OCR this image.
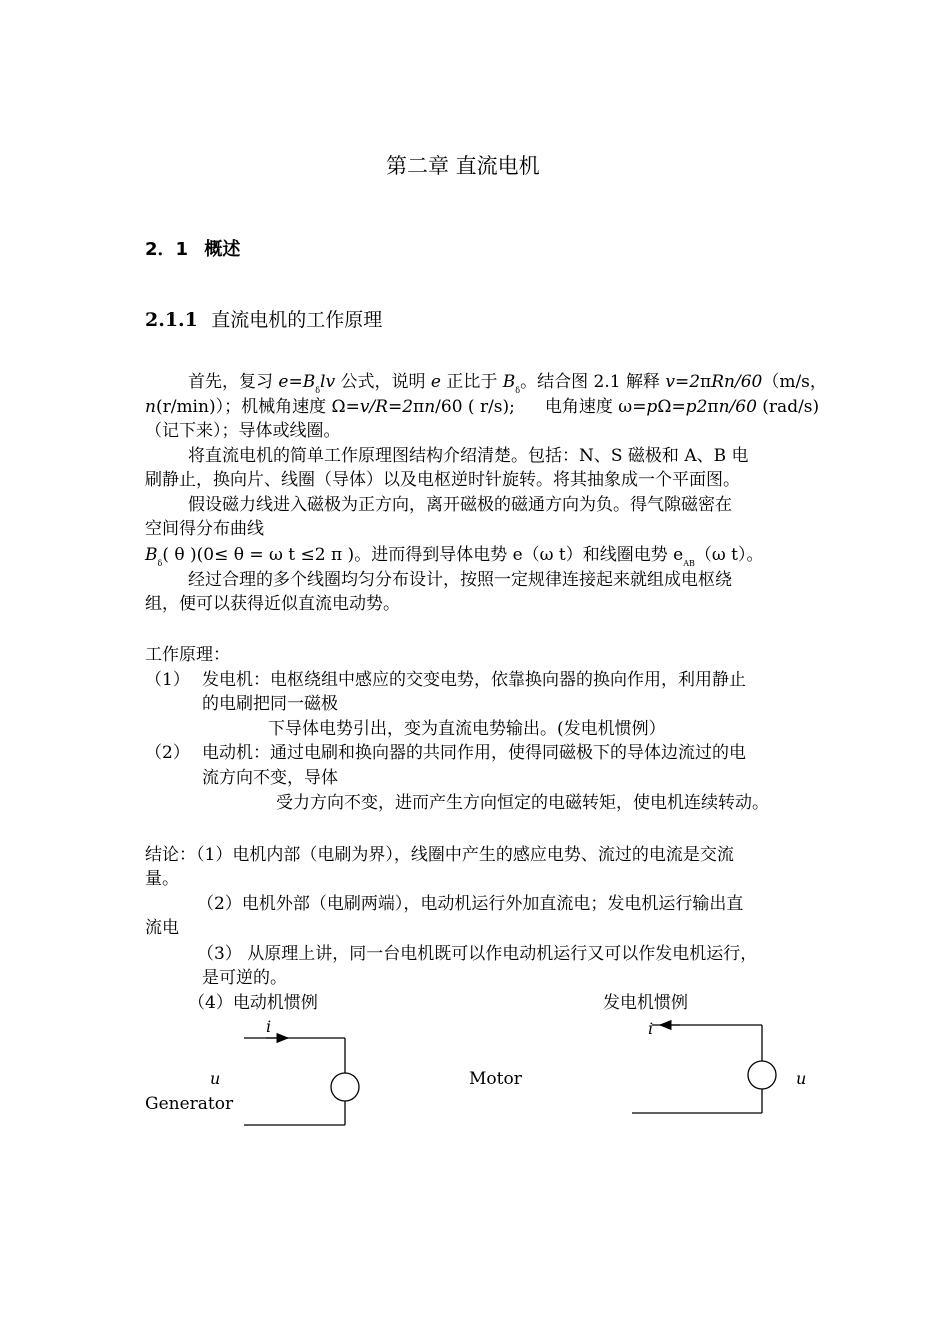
第二章 直流电机
2．1 概述
2.1.1 直流电机的工作原理
首先，复习 $e=B_\delta lv$ 公式，说明 e 正比于 $B_\delta$。结合图 2.1 解释 v=2πRn/60（m/s，
n(r/min)）；机械角速度 Ω=v/R=2πn/60 ( r/s); 电角速度 ω=pΩ=p2πn/60 (rad/s)
（记下来）；导体或线圈。
将直流电机的简单工作原理图结构介绍清楚。包括：N、S 磁极和 A、B 电
刷静止，换向片、线圈（导体）以及电枢逆时针旋转。将其抽象成一个平面图。
假设磁力线进入磁极为正方向，离开磁极的磁通方向为负。得气隙磁密在
空间得分布曲线
$B_\delta$( θ )(0≤ θ = ω t ≤2 π )。进而得到导体电势 e（ω t）和线圈电势 $e_{AB}(\omega$ t）。
经过合理的多个线圈均匀分布设计，按照一定规律连接起来就组成电枢绕
组，便可以获得近似直流电动势。
工作原理：
（1） 发电机：电枢绕组中感应的交变电势，依靠换向器的换向作用，利用静止
的电刷把同一磁极
下导体电势引出，变为直流电势输出。(发电机惯例）
（2） 电动机：通过电刷和换向器的共同作用，使得同磁极下的导体边流过的电
流方向不变，导体
受力方向不变，进而产生方向恒定的电磁转矩，使电机连续转动。
结论：（1）电机内部（电刷为界），线圈中产生的感应电势、流过的电流是交流
量。
（2）电机外部（电刷两端），电动机运行外加直流电；发电机运行输出直
流电
（3） 从原理上讲，同一台电机既可以作电动机运行又可以作发电机运行，
是可逆的。
（4）电动机惯例	发电机惯例
i
u
Generator
Motor
i
u
